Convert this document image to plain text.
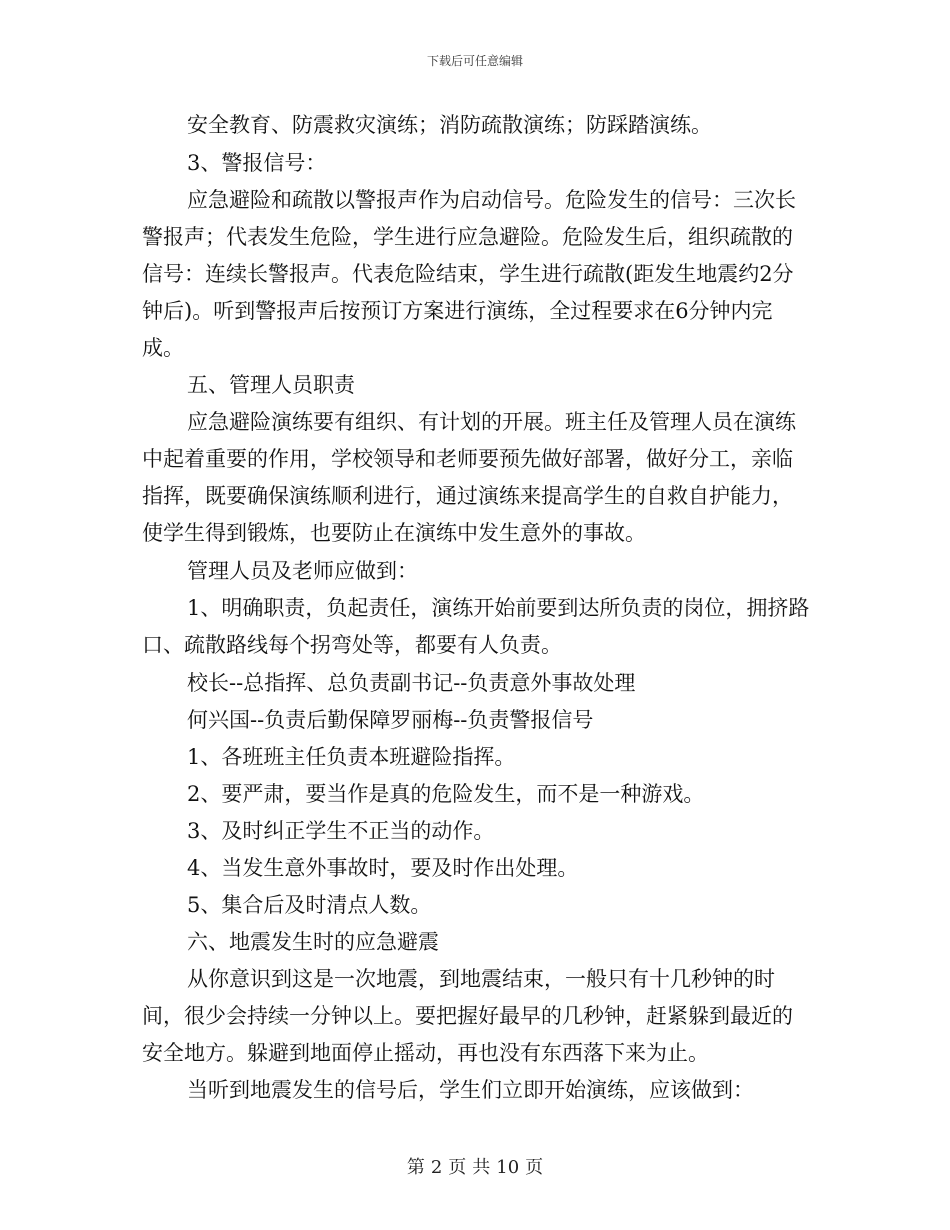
下载后可任意编辑
安全教育、防震救灾演练；消防疏散演练；防踩踏演练。
3、警报信号：
应急避险和疏散以警报声作为启动信号。危险发生的信号：三次长警报声；代表发生危险，学生进行应急避险。危险发生后，组织疏散的信号：连续长警报声。代表危险结束，学生进行疏散(距发生地震约2分钟后)。听到警报声后按预订方案进行演练，全过程要求在6分钟内完成。
五、管理人员职责
应急避险演练要有组织、有计划的开展。班主任及管理人员在演练中起着重要的作用，学校领导和老师要预先做好部署，做好分工，亲临指挥，既要确保演练顺利进行，通过演练来提高学生的自救自护能力，使学生得到锻炼，也要防止在演练中发生意外的事故。
管理人员及老师应做到：
1、明确职责，负起责任，演练开始前要到达所负责的岗位，拥挤路口、疏散路线每个拐弯处等，都要有人负责。
校长--总指挥、总负责副书记--负责意外事故处理
何兴国--负责后勤保障罗丽梅--负责警报信号
1、各班班主任负责本班避险指挥。
2、要严肃，要当作是真的危险发生，而不是一种游戏。
3、及时纠正学生不正当的动作。
4、当发生意外事故时，要及时作出处理。
5、集合后及时清点人数。
六、地震发生时的应急避震
从你意识到这是一次地震，到地震结束，一般只有十几秒钟的时间，很少会持续一分钟以上。要把握好最早的几秒钟，赶紧躲到最近的安全地方。躲避到地面停止摇动，再也没有东西落下来为止。
当听到地震发生的信号后，学生们立即开始演练，应该做到：
第 2 页 共 10 页
